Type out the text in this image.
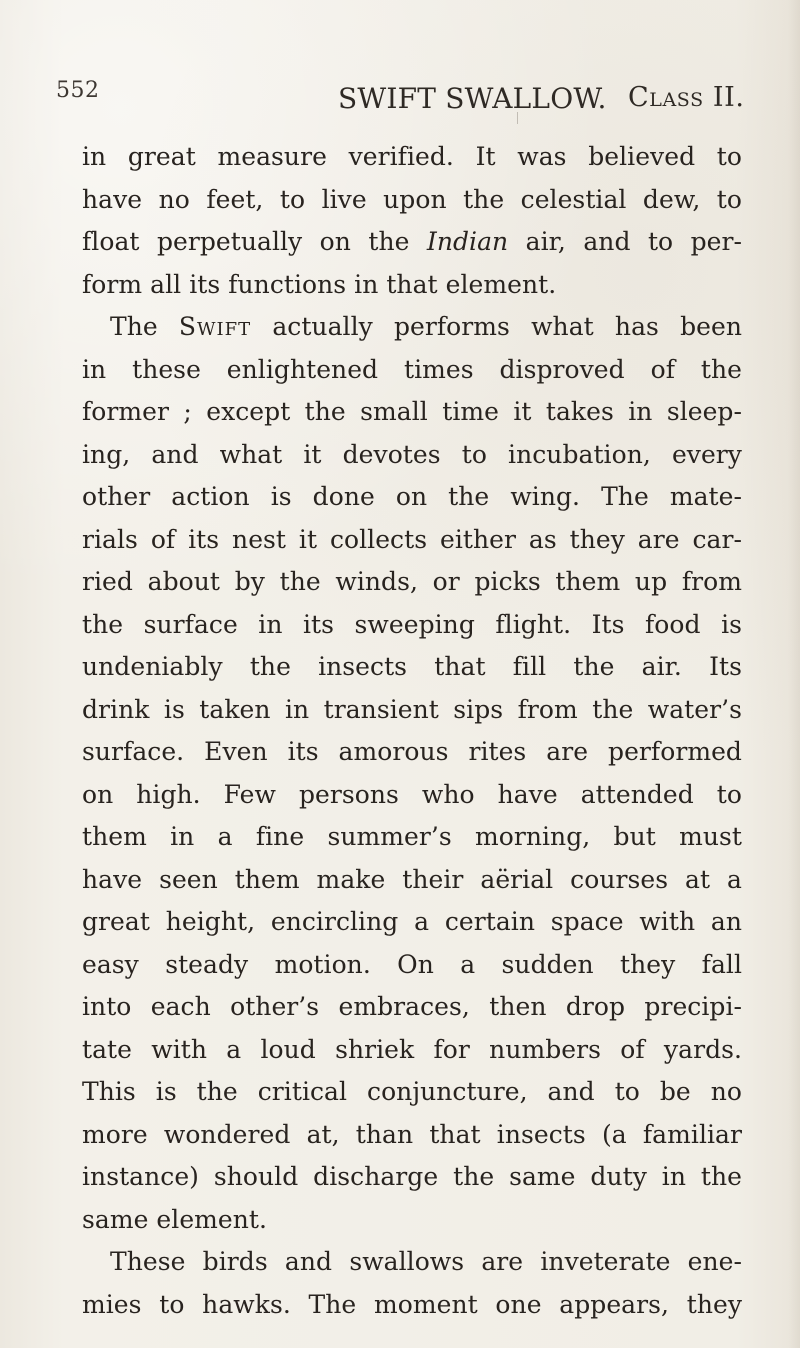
552	SWIFT SWALLOW. Class II.
in great measure verified. It was believed to
have no feet, to live upon the celestial dew, to
float perpetually on the Indian air, and to per-
form all its functions in that element.
The Swift actually performs what has been
in these enlightened times disproved of the
former ; except the small time it takes in sleep-
ing, and what it devotes to incubation, every
other action is done on the wing. The mate-
rials of its nest it collects either as they are car-
ried about by the winds, or picks them up from
the surface in its sweeping flight. Its food is
undeniably the insects that fill the air. Its
drink is taken in transient sips from the water’s
surface. Even its amorous rites are performed
on high. Few persons who have attended to
them in a fine summer’s morning, but must
have seen them make their aërial courses at a
great height, encircling a certain space with an
easy steady motion. On a sudden they fall
into each other’s embraces, then drop precipi-
tate with a loud shriek for numbers of yards.
This is the critical conjuncture, and to be no
more wondered at, than that insects (a familiar
instance) should discharge the same duty in the
same element.
These birds and swallows are inveterate ene-
mies to hawks. The moment one appears, they
